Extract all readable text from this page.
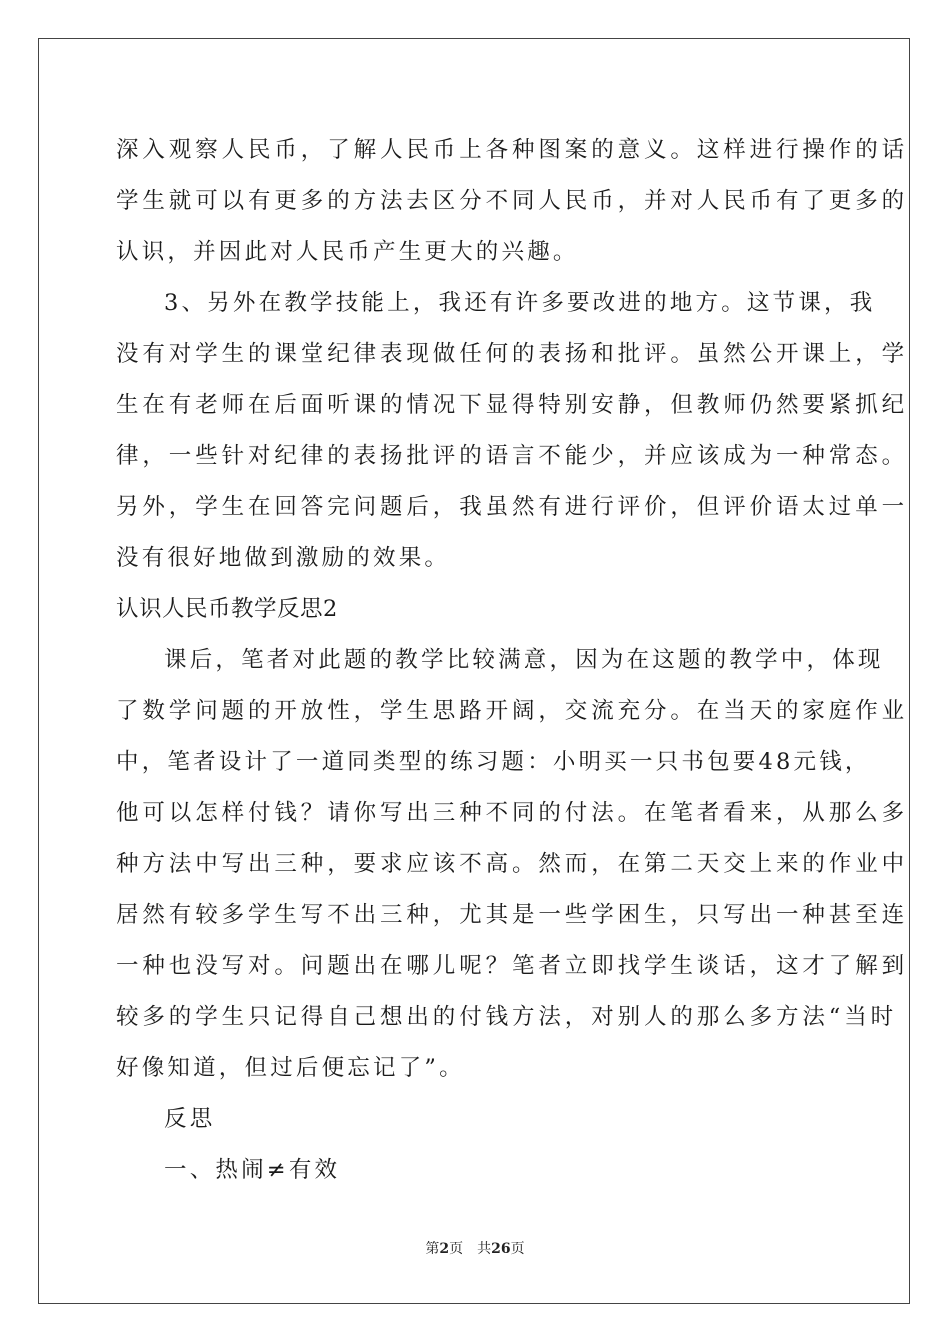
深入观察人民币，了解人民币上各种图案的意义。这样进行操作的话
学生就可以有更多的方法去区分不同人民币，并对人民币有了更多的
认识，并因此对人民币产生更大的兴趣。
3、另外在教学技能上，我还有许多要改进的地方。这节课，我
没有对学生的课堂纪律表现做任何的表扬和批评。虽然公开课上，学
生在有老师在后面听课的情况下显得特别安静，但教师仍然要紧抓纪
律，一些针对纪律的表扬批评的语言不能少，并应该成为一种常态。
另外，学生在回答完问题后，我虽然有进行评价，但评价语太过单一
没有很好地做到激励的效果。
认识人民币教学反思2
课后，笔者对此题的教学比较满意，因为在这题的教学中，体现
了数学问题的开放性，学生思路开阔，交流充分。在当天的家庭作业
中，笔者设计了一道同类型的练习题：小明买一只书包要48元钱，
他可以怎样付钱？请你写出三种不同的付法。在笔者看来，从那么多
种方法中写出三种，要求应该不高。然而，在第二天交上来的作业中
居然有较多学生写不出三种，尤其是一些学困生，只写出一种甚至连
一种也没写对。问题出在哪儿呢？笔者立即找学生谈话，这才了解到
较多的学生只记得自己想出的付钱方法，对别人的那么多方法“当时
好像知道，但过后便忘记了”。
反思
一、热闹≠有效
第2页 共26页
